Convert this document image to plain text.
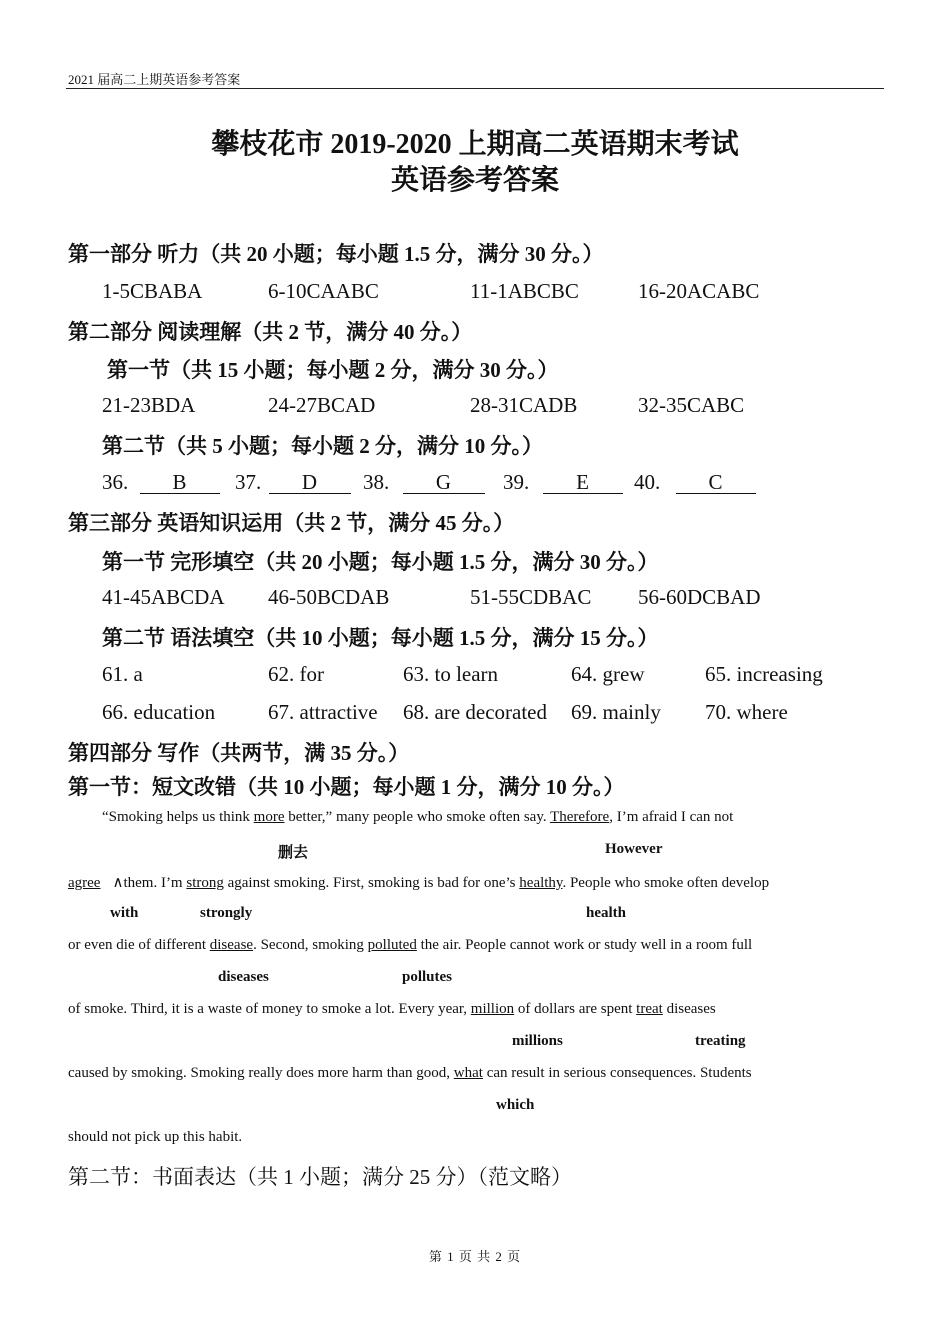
2021 届高二上期英语参考答案
攀枝花市 2019-2020 上期高二英语期末考试
英语参考答案
第一部分 听力（共 20 小题；每小题 1.5 分，满分 30 分。）
1-5CBABA	6-10CAABC	11-1ABCBC	16-20ACABC
第二部分 阅读理解（共 2 节，满分 40 分。）
第一节（共 15 小题；每小题 2 分，满分 30 分。）
21-23BDA	24-27BCAD	28-31CADB	32-35CABC
第二节（共 5 小题；每小题 2 分，满分 10 分。）
36. B	37. D	38. G	39. E	40. C
第三部分 英语知识运用（共 2 节，满分 45 分。）
第一节 完形填空（共 20 小题；每小题 1.5 分，满分 30 分。）
41-45ABCDA 46-50BCDAB	51-55CDBAC 56-60DCBAD
第二节 语法填空（共 10 小题；每小题 1.5 分，满分 15 分。）
61. a	62. for	63. to learn	64. grew	65. increasing
66. education	67. attractive 68. are decorated 69. mainly 70. where
第四部分 写作（共两节，满 35 分。）
第一节：短文改错（共 10 小题；每小题 1 分，满分 10 分。）
“Smoking helps us think more better,” many people who smoke often say. Therefore, I’m afraid I can not
删去	However
agree ∧them. I’m strong against smoking. First, smoking is bad for one’s healthy. People who smoke often develop
with	strongly	health
or even die of different disease. Second, smoking polluted the air. People cannot work or study well in a room full
diseases	pollutes
of smoke. Third, it is a waste of money to smoke a lot. Every year, million of dollars are spent treat diseases
millions	treating
caused by smoking. Smoking really does more harm than good, what can result in serious consequences. Students
which
should not pick up this habit.
第二节：书面表达（共 1 小题；满分 25 分）（范文略）
第 1 页 共 2 页
